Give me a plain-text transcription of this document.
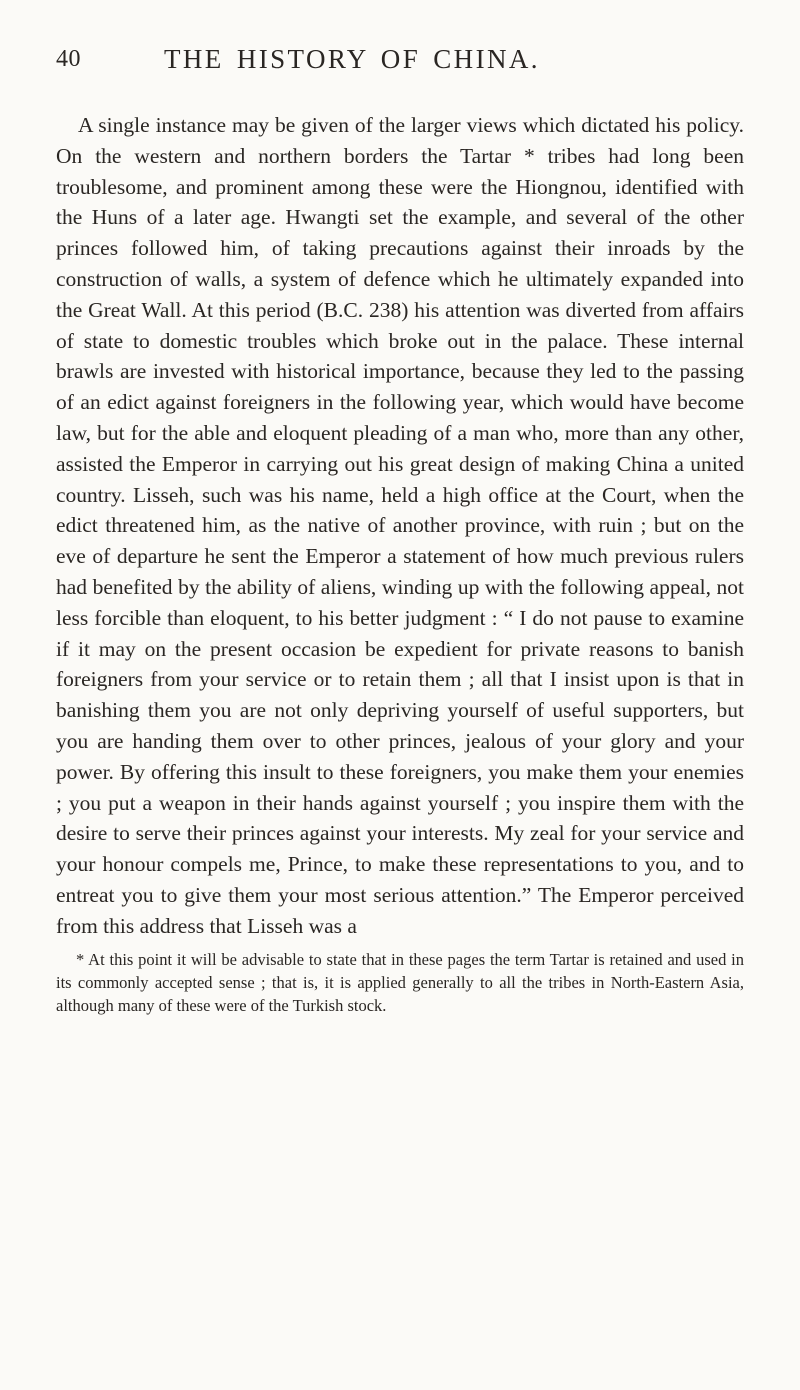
40	THE HISTORY OF CHINA.

A single instance may be given of the larger views which dictated his policy. On the western and northern borders the Tartar * tribes had long been troublesome, and prominent among these were the Hiongnou, identified with the Huns of a later age. Hwangti set the example, and several of the other princes followed him, of taking precautions against their inroads by the construction of walls, a system of defence which he ultimately expanded into the Great Wall. At this period (B.C. 238) his attention was diverted from affairs of state to domestic troubles which broke out in the palace. These internal brawls are invested with historical importance, because they led to the passing of an edict against foreigners in the following year, which would have become law, but for the able and eloquent pleading of a man who, more than any other, assisted the Emperor in carrying out his great design of making China a united country. Lisseh, such was his name, held a high office at the Court, when the edict threatened him, as the native of another province, with ruin ; but on the eve of departure he sent the Emperor a statement of how much previous rulers had benefited by the ability of aliens, winding up with the following appeal, not less forcible than eloquent, to his better judgment : “ I do not pause to examine if it may on the present occasion be expedient for private reasons to banish foreigners from your service or to retain them ; all that I insist upon is that in banishing them you are not only depriving yourself of useful supporters, but you are handing them over to other princes, jealous of your glory and your power. By offering this insult to these foreigners, you make them your enemies ; you put a weapon in their hands against yourself ; you inspire them with the desire to serve their princes against your interests. My zeal for your service and your honour compels me, Prince, to make these representations to you, and to entreat you to give them your most serious attention.” The Emperor perceived from this address that Lisseh was a

* At this point it will be advisable to state that in these pages the term Tartar is retained and used in its commonly accepted sense ; that is, it is applied generally to all the tribes in North-Eastern Asia, although many of these were of the Turkish stock.
